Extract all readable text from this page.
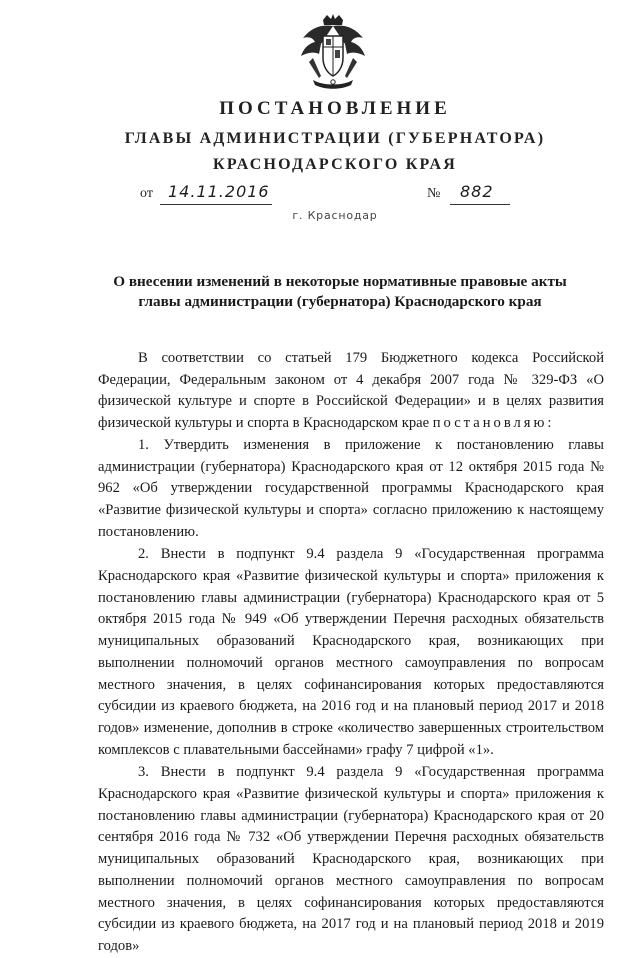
ПОСТАНОВЛЕНИЕ
ГЛАВЫ АДМИНИСТРАЦИИ (ГУБЕРНАТОРА)
КРАСНОДАРСКОГО КРАЯ
от 14.11.2016	№ 882
г. Краснодар
О внесении изменений в некоторые нормативные правовые акты
главы администрации (губернатора) Краснодарского края

В соответствии со статьей 179 Бюджетного кодекса Российской Федерации, Федеральным законом от 4 декабря 2007 года № 329-ФЗ «О физической культуре и спорте в Российской Федерации» и в целях развития физической культуры и спорта в Краснодарском крае постановляю:

1. Утвердить изменения в приложение к постановлению главы администрации (губернатора) Краснодарского края от 12 октября 2015 года № 962 «Об утверждении государственной программы Краснодарского края «Развитие физической культуры и спорта» согласно приложению к настоящему постановлению.

2. Внести в подпункт 9.4 раздела 9 «Государственная программа Краснодарского края «Развитие физической культуры и спорта» приложения к постановлению главы администрации (губернатора) Краснодарского края от 5 октября 2015 года № 949 «Об утверждении Перечня расходных обязательств муниципальных образований Краснодарского края, возникающих при выполнении полномочий органов местного самоуправления по вопросам местного значения, в целях софинансирования которых предоставляются субсидии из краевого бюджета, на 2016 год и на плановый период 2017 и 2018 годов» изменение, дополнив в строке «количество завершенных строительством комплексов с плавательными бассейнами» графу 7 цифрой «1».

3. Внести в подпункт 9.4 раздела 9 «Государственная программа Краснодарского края «Развитие физической культуры и спорта» приложения к постановлению главы администрации (губернатора) Краснодарского края от 20 сентября 2016 года № 732 «Об утверждении Перечня расходных обязательств муниципальных образований Краснодарского края, возникающих при выполнении полномочий органов местного самоуправления по вопросам местного значения, в целях софинансирования которых предоставляются субсидии из краевого бюджета, на 2017 год и на плановый период 2018 и 2019 годов»
